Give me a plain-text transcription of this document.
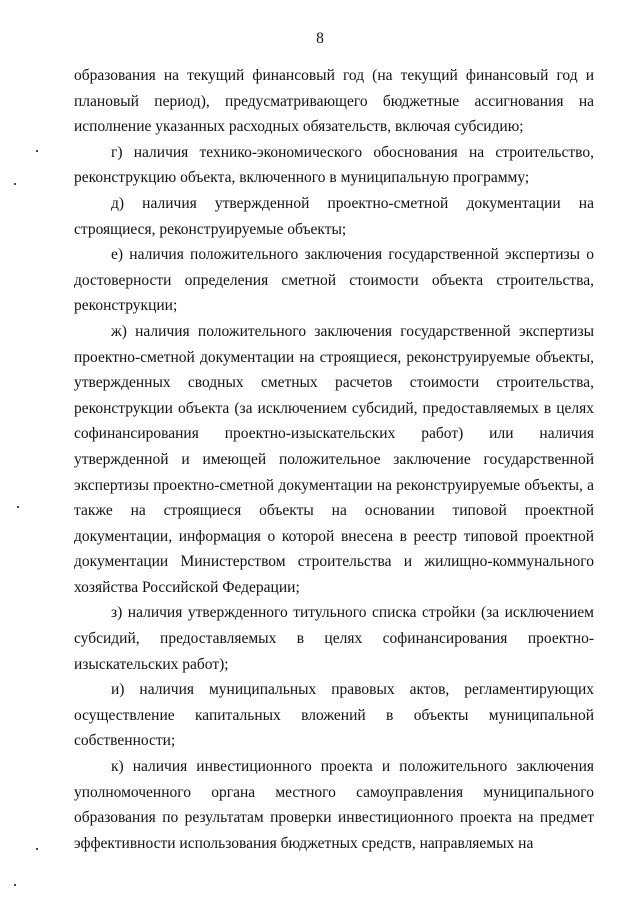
8

образования на текущий финансовый год (на текущий финансовый год и плановый период), предусматривающего бюджетные ассигнования на исполнение указанных расходных обязательств, включая субсидию;

г) наличия технико-экономического обоснования на строительство, реконструкцию объекта, включенного в муниципальную программу;

д) наличия утвержденной проектно-сметной документации на строящиеся, реконструируемые объекты;

е) наличия положительного заключения государственной экспертизы о достоверности определения сметной стоимости объекта строительства, реконструкции;

ж) наличия положительного заключения государственной экспертизы проектно-сметной документации на строящиеся, реконструируемые объекты, утвержденных сводных сметных расчетов стоимости строительства, реконструкции объекта (за исключением субсидий, предоставляемых в целях софинансирования проектно-изыскательских работ) или наличия утвержденной и имеющей положительное заключение государственной экспертизы проектно-сметной документации на реконструируемые объекты, а также на строящиеся объекты на основании типовой проектной документации, информация о которой внесена в реестр типовой проектной документации Министерством строительства и жилищно-коммунального хозяйства Российской Федерации;

з) наличия утвержденного титульного списка стройки (за исключением субсидий, предоставляемых в целях софинансирования проектно-изыскательских работ);

и) наличия муниципальных правовых актов, регламентирующих осуществление капитальных вложений в объекты муниципальной собственности;

к) наличия инвестиционного проекта и положительного заключения уполномоченного органа местного самоуправления муниципального образования по результатам проверки инвестиционного проекта на предмет эффективности использования бюджетных средств, направляемых на
